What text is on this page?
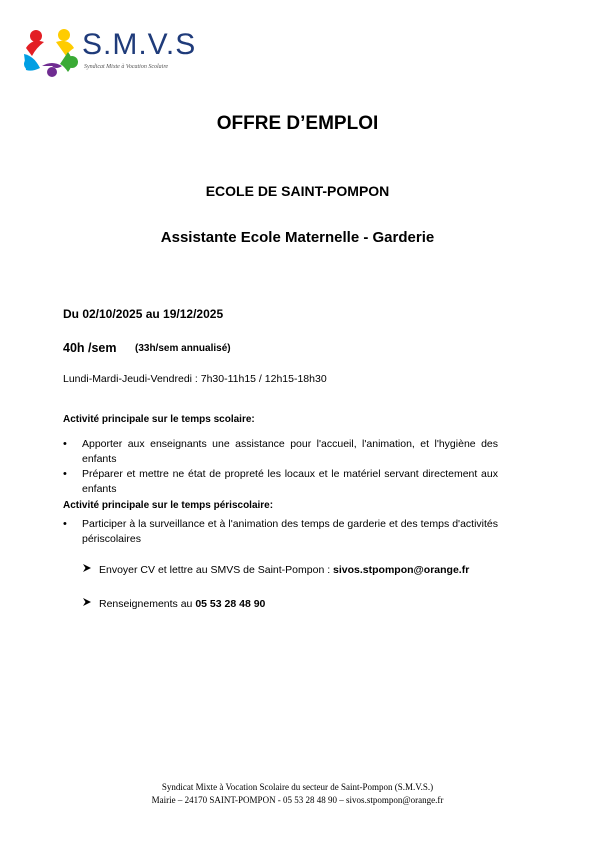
S.M.V.S
Syndicat Mixte à Vocation Scolaire
OFFRE D’EMPLOI
ECOLE DE SAINT-POMPON
Assistante Ecole Maternelle - Garderie
Du 02/10/2025 au 19/12/2025
40h /sem (33h/sem annualisé)
Lundi-Mardi-Jeudi-Vendredi : 7h30-11h15 / 12h15-18h30
Activité principale sur le temps scolaire:
• Apporter aux enseignants une assistance pour l'accueil, l'animation, et l'hygiène des enfants
• Préparer et mettre ne état de propreté les locaux et le matériel servant directement aux enfants
Activité principale sur le temps périscolaire:
• Participer à la surveillance et à l'animation des temps de garderie et des temps d'activités périscolaires
Envoyer CV et lettre au SMVS de Saint-Pompon : sivos.stpompon@orange.fr
Renseignements au 05 53 28 48 90
Syndicat Mixte à Vocation Scolaire du secteur de Saint-Pompon (S.M.V.S.)
Mairie – 24170 SAINT-POMPON - 05 53 28 48 90 – sivos.stpompon@orange.fr
